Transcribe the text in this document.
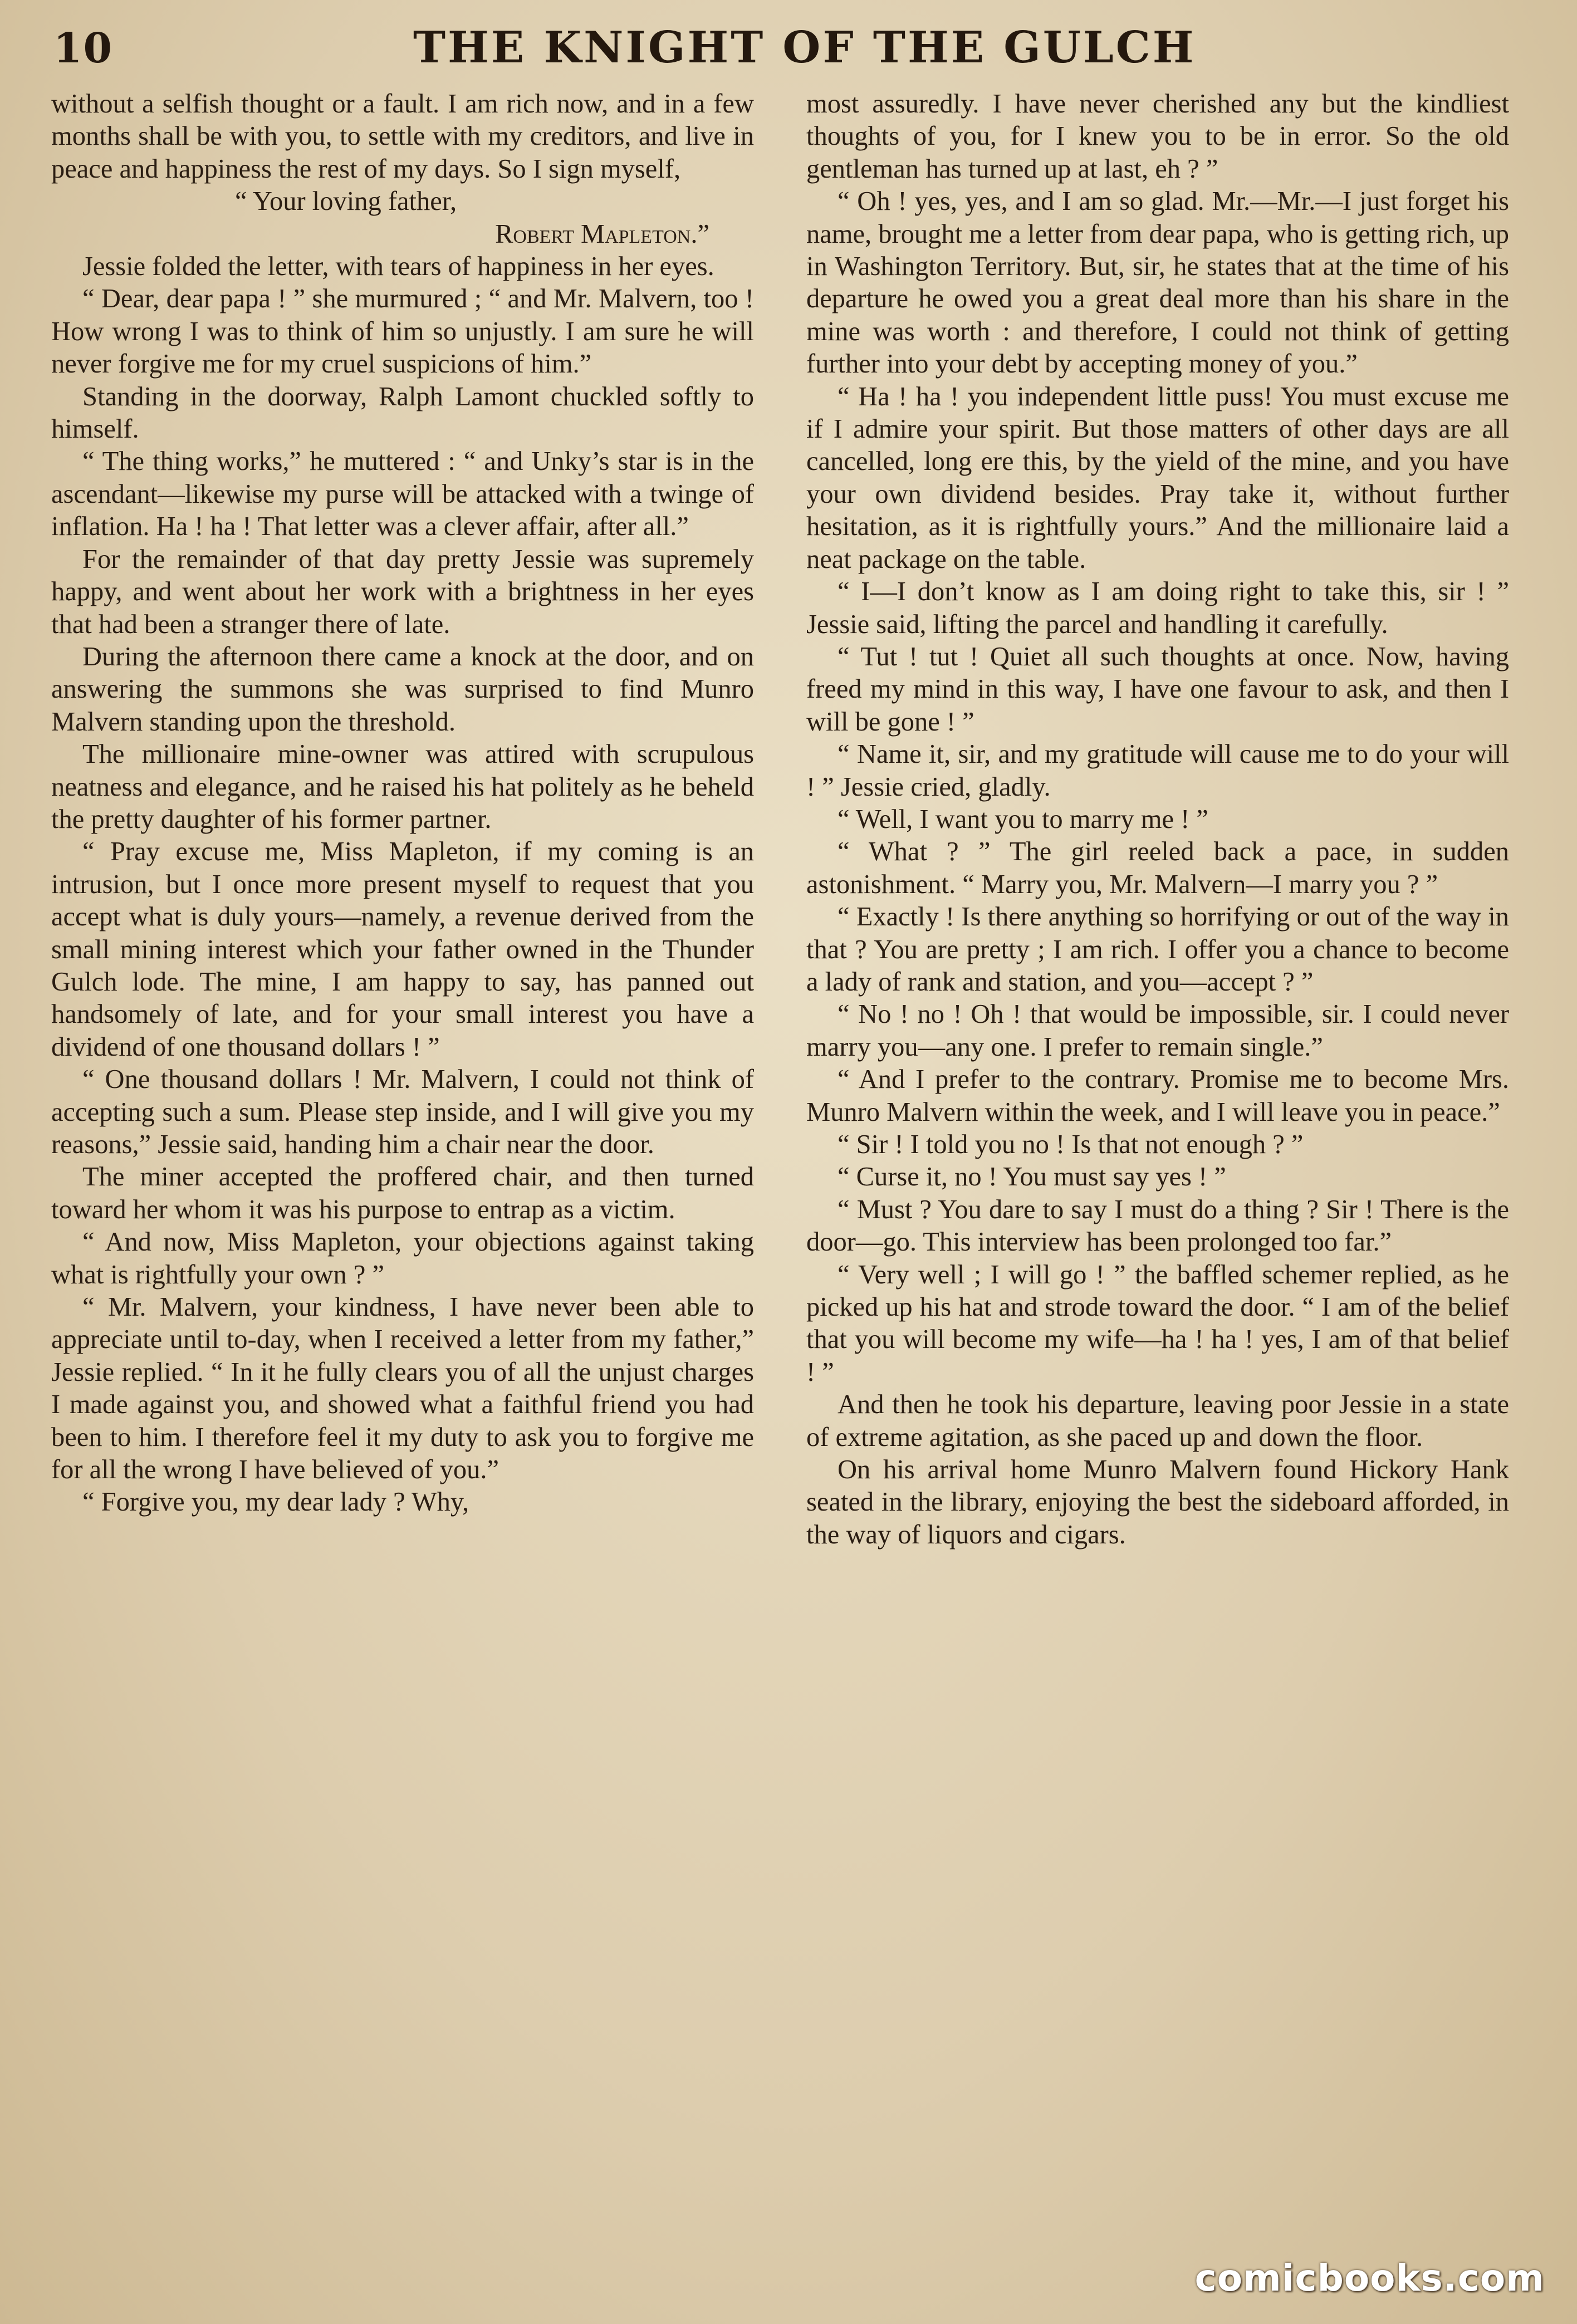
10	THE KNIGHT OF THE GULCH

without a selfish thought or a fault. I am rich now, and in a few months shall be with you, to settle with my creditors, and live in peace and happiness the rest of my days. So I sign myself,

“ Your loving father,

Robert Mapleton.”

Jessie folded the letter, with tears of happiness in her eyes.

“ Dear, dear papa ! ” she murmured ; “ and Mr. Malvern, too ! How wrong I was to think of him so unjustly. I am sure he will never forgive me for my cruel suspicions of him.”

Standing in the doorway, Ralph Lamont chuckled softly to himself.

“ The thing works,” he muttered : “ and Unky’s star is in the ascendant—likewise my purse will be attacked with a twinge of inflation. Ha ! ha ! That letter was a clever affair, after all.”

For the remainder of that day pretty Jessie was supremely happy, and went about her work with a brightness in her eyes that had been a stranger there of late.

During the afternoon there came a knock at the door, and on answering the summons she was surprised to find Munro Malvern standing upon the threshold.

The millionaire mine-owner was attired with scrupulous neatness and elegance, and he raised his hat politely as he beheld the pretty daughter of his former partner.

“ Pray excuse me, Miss Mapleton, if my coming is an intrusion, but I once more present myself to request that you accept what is duly yours—namely, a revenue derived from the small mining interest which your father owned in the Thunder Gulch lode. The mine, I am happy to say, has panned out handsomely of late, and for your small interest you have a dividend of one thousand dollars ! ”

“ One thousand dollars ! Mr. Malvern, I could not think of accepting such a sum. Please step inside, and I will give you my reasons,” Jessie said, handing him a chair near the door.

The miner accepted the proffered chair, and then turned toward her whom it was his purpose to entrap as a victim.

“ And now, Miss Mapleton, your objections against taking what is rightfully your own ? ”

“ Mr. Malvern, your kindness, I have never been able to appreciate until to-day, when I received a letter from my father,” Jessie replied. “ In it he fully clears you of all the unjust charges I made against you, and showed what a faithful friend you had been to him. I therefore feel it my duty to ask you to forgive me for all the wrong I have believed of you.”

“ Forgive you, my dear lady ? Why,

most assuredly. I have never cherished any but the kindliest thoughts of you, for I knew you to be in error. So the old gentleman has turned up at last, eh ? ”

“ Oh ! yes, yes, and I am so glad. Mr.—Mr.—I just forget his name, brought me a letter from dear papa, who is getting rich, up in Washington Territory. But, sir, he states that at the time of his departure he owed you a great deal more than his share in the mine was worth : and therefore, I could not think of getting further into your debt by accepting money of you.”

“ Ha ! ha ! you independent little puss! You must excuse me if I admire your spirit. But those matters of other days are all cancelled, long ere this, by the yield of the mine, and you have your own dividend besides. Pray take it, without further hesitation, as it is rightfully yours.” And the millionaire laid a neat package on the table.

“ I—I don’t know as I am doing right to take this, sir ! ” Jessie said, lifting the parcel and handling it carefully.

“ Tut ! tut ! Quiet all such thoughts at once. Now, having freed my mind in this way, I have one favour to ask, and then I will be gone ! ”

“ Name it, sir, and my gratitude will cause me to do your will ! ” Jessie cried, gladly.

“ Well, I want you to marry me ! ”

“ What ? ” The girl reeled back a pace, in sudden astonishment. “ Marry you, Mr. Malvern—I marry you ? ”

“ Exactly ! Is there anything so horrifying or out of the way in that ? You are pretty ; I am rich. I offer you a chance to become a lady of rank and station, and you—accept ? ”

“ No ! no ! Oh ! that would be impossible, sir. I could never marry you—any one. I prefer to remain single.”

“ And I prefer to the contrary. Promise me to become Mrs. Munro Malvern within the week, and I will leave you in peace.”

“ Sir ! I told you no ! Is that not enough ? ”

“ Curse it, no ! You must say yes ! ”

“ Must ? You dare to say I must do a thing ? Sir ! There is the door—go. This interview has been prolonged too far.”

“ Very well ; I will go ! ” the baffled schemer replied, as he picked up his hat and strode toward the door. “ I am of the belief that you will become my wife—ha ! ha ! yes, I am of that belief ! ”

And then he took his departure, leaving poor Jessie in a state of extreme agitation, as she paced up and down the floor.

On his arrival home Munro Malvern found Hickory Hank seated in the library, enjoying the best the sideboard afforded, in the way of liquors and cigars.

comicbooks.com
